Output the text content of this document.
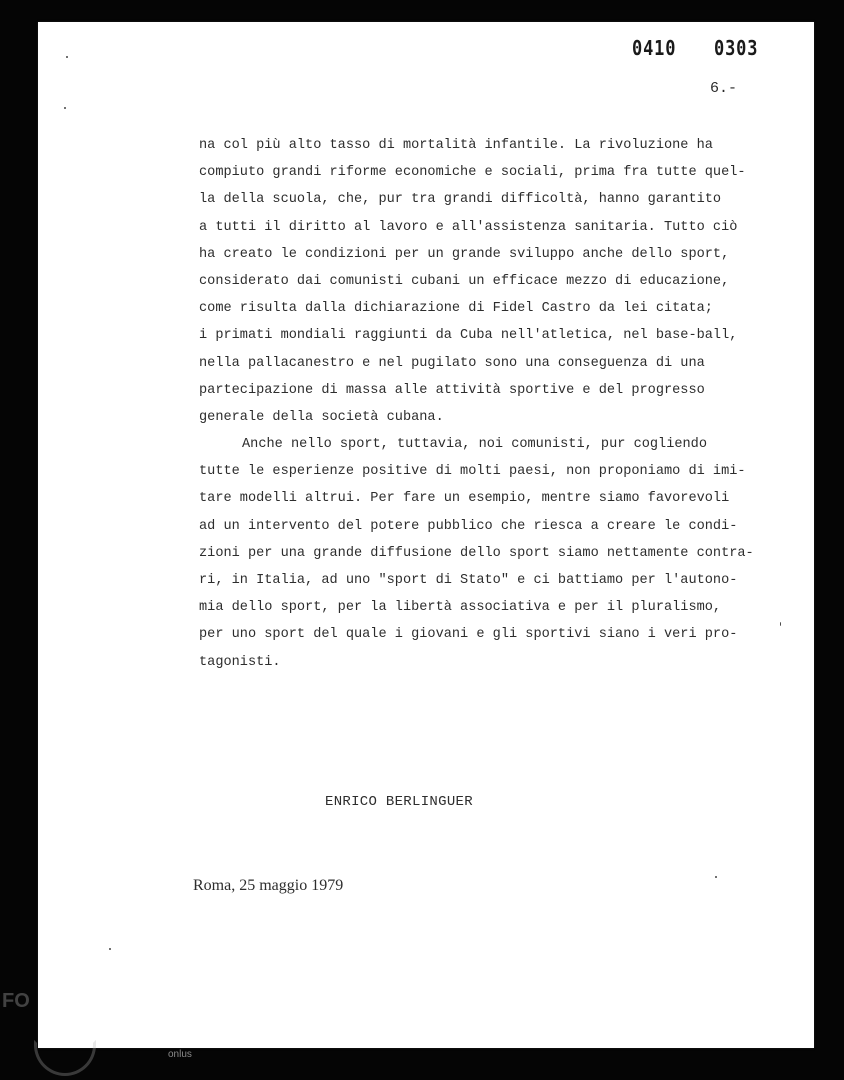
0410 0303
6.-
na col più alto tasso di mortalità infantile. La rivoluzione ha
compiuto grandi riforme economiche e sociali, prima fra tutte quel-
la della scuola, che, pur tra grandi difficoltà, hanno garantito
a tutti il diritto al lavoro e all'assistenza sanitaria. Tutto ciò
ha creato le condizioni per un grande sviluppo anche dello sport,
considerato dai comunisti cubani un efficace mezzo di educazione,
come risulta dalla dichiarazione di Fidel Castro da lei citata;
i primati mondiali raggiunti da Cuba nell'atletica, nel base-ball,
nella pallacanestro e nel pugilato sono una conseguenza di una
partecipazione di massa alle attività sportive e del progresso
generale della società cubana.
Anche nello sport, tuttavia, noi comunisti, pur cogliendo
tutte le esperienze positive di molti paesi, non proponiamo di imi-
tare modelli altrui. Per fare un esempio, mentre siamo favorevoli
ad un intervento del potere pubblico che riesca a creare le condi-
zioni per una grande diffusione dello sport siamo nettamente contra-
ri, in Italia, ad uno "sport di Stato" e ci battiamo per l'autono-
mia dello sport, per la libertà associativa e per il pluralismo,
per uno sport del quale i giovani e gli sportivi siano i veri pro-
tagonisti.
ENRICO BERLINGUER
Roma, 25 maggio 1979
FO
onlus
